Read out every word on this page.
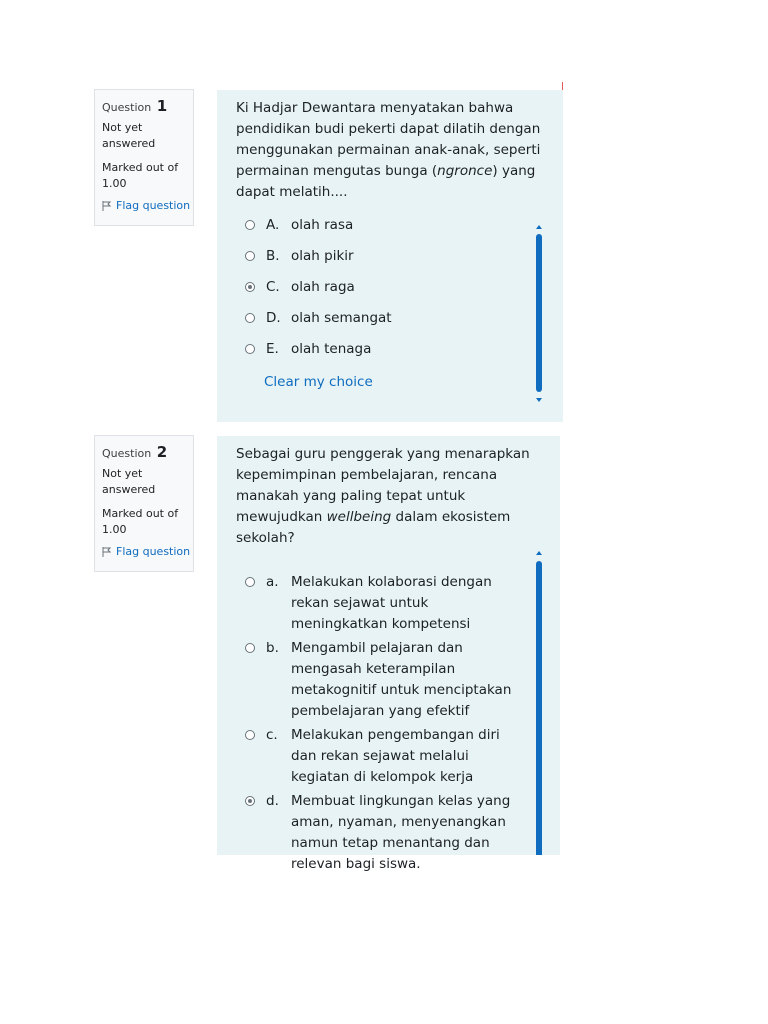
Question 1
Not yet answered
Marked out of 1.00
Flag question
Ki Hadjar Dewantara menyatakan bahwa pendidikan budi pekerti dapat dilatih dengan menggunakan permainan anak-anak, seperti permainan mengutas bunga (ngronce) yang dapat melatih....
A. olah rasa
B. olah pikir
C. olah raga
D. olah semangat
E. olah tenaga
Clear my choice
Question 2
Not yet answered
Marked out of 1.00
Flag question
Sebagai guru penggerak yang menarapkan kepemimpinan pembelajaran, rencana manakah yang paling tepat untuk mewujudkan wellbeing dalam ekosistem sekolah?
a. Melakukan kolaborasi dengan rekan sejawat untuk meningkatkan kompetensi
b. Mengambil pelajaran dan mengasah keterampilan metakognitif untuk menciptakan pembelajaran yang efektif
c. Melakukan pengembangan diri dan rekan sejawat melalui kegiatan di kelompok kerja
d. Membuat lingkungan kelas yang aman, nyaman, menyenangkan namun tetap menantang dan relevan bagi siswa.
